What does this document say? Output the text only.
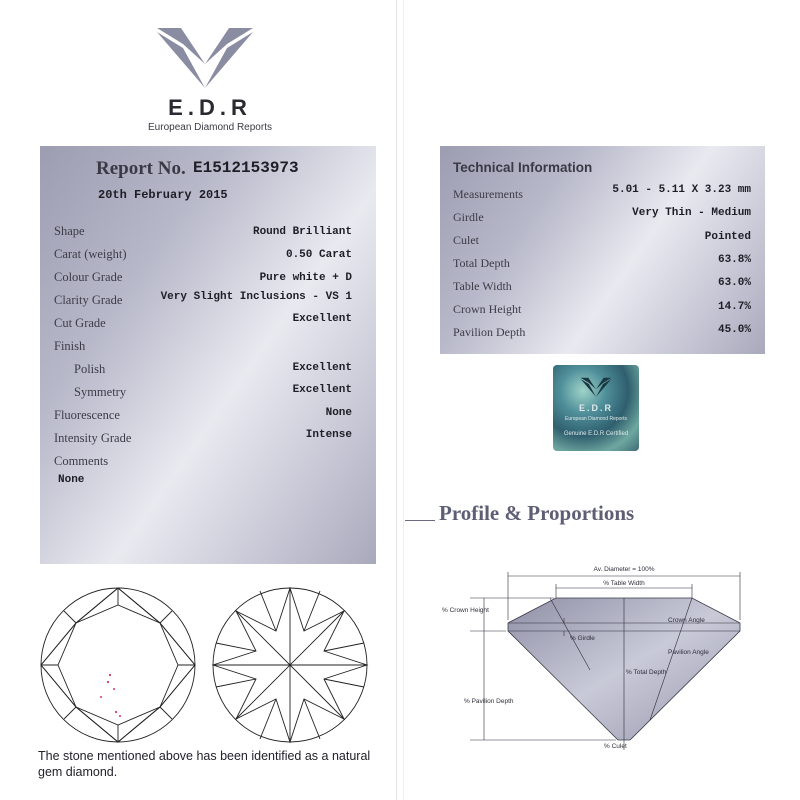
E.D.R
European Diamond Reports
Report No. E1512153973
20th February 2015
Shape	Round Brilliant
Carat (weight)	0.50 Carat
Colour Grade	Pure white + D
Clarity Grade	Very Slight Inclusions - VS 1
Cut Grade	Excellent
Finish
Polish	Excellent
Symmetry	Excellent
Fluorescence	None
Intensity Grade	Intense
Comments
None
Technical Information
Measurements	5.01 - 5.11 X 3.23 mm
Girdle	Very Thin - Medium
Culet	Pointed
Total Depth	63.8%
Table Width	63.0%
Crown Height	14.7%
Pavilion Depth	45.0%
E.D.R
European Diamond Reports
Genuine E.D.R Certified
Profile & Proportions
Av. Diameter = 100%
% Table Width
% Crown Height
% Girdle
Crown Angle
Pavilion Angle
% Total Depth
% Pavilion Depth
% Culet
The stone mentioned above has been identified as a natural gem diamond.
